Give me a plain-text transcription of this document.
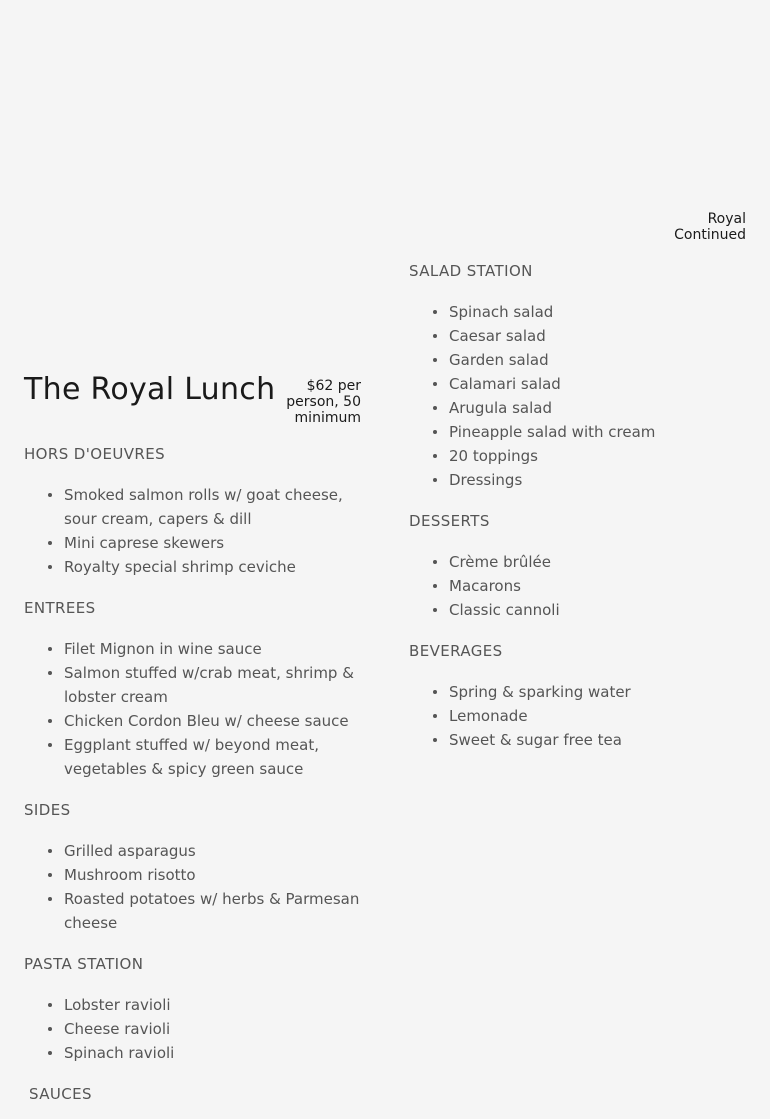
Royal
Continued
The Royal Lunch	$62 per person, 50 minimum
HORS D'OEUVRES
Smoked salmon rolls w/ goat cheese, sour cream, capers & dill
Mini caprese skewers
Royalty special shrimp ceviche
ENTREES
Filet Mignon in wine sauce
Salmon stuffed w/crab meat, shrimp & lobster cream
Chicken Cordon Bleu w/ cheese sauce
Eggplant stuffed w/ beyond meat, vegetables & spicy green sauce
SIDES
Grilled asparagus
Mushroom risotto
Roasted potatoes w/ herbs & Parmesan cheese
PASTA STATION
Lobster ravioli
Cheese ravioli
Spinach ravioli
SAUCES
SALAD STATION
Spinach salad
Caesar salad
Garden salad
Calamari salad
Arugula salad
Pineapple salad with cream
20 toppings
Dressings
DESSERTS
Crème brûlée
Macarons
Classic cannoli
BEVERAGES
Spring & sparking water
Lemonade
Sweet & sugar free tea
